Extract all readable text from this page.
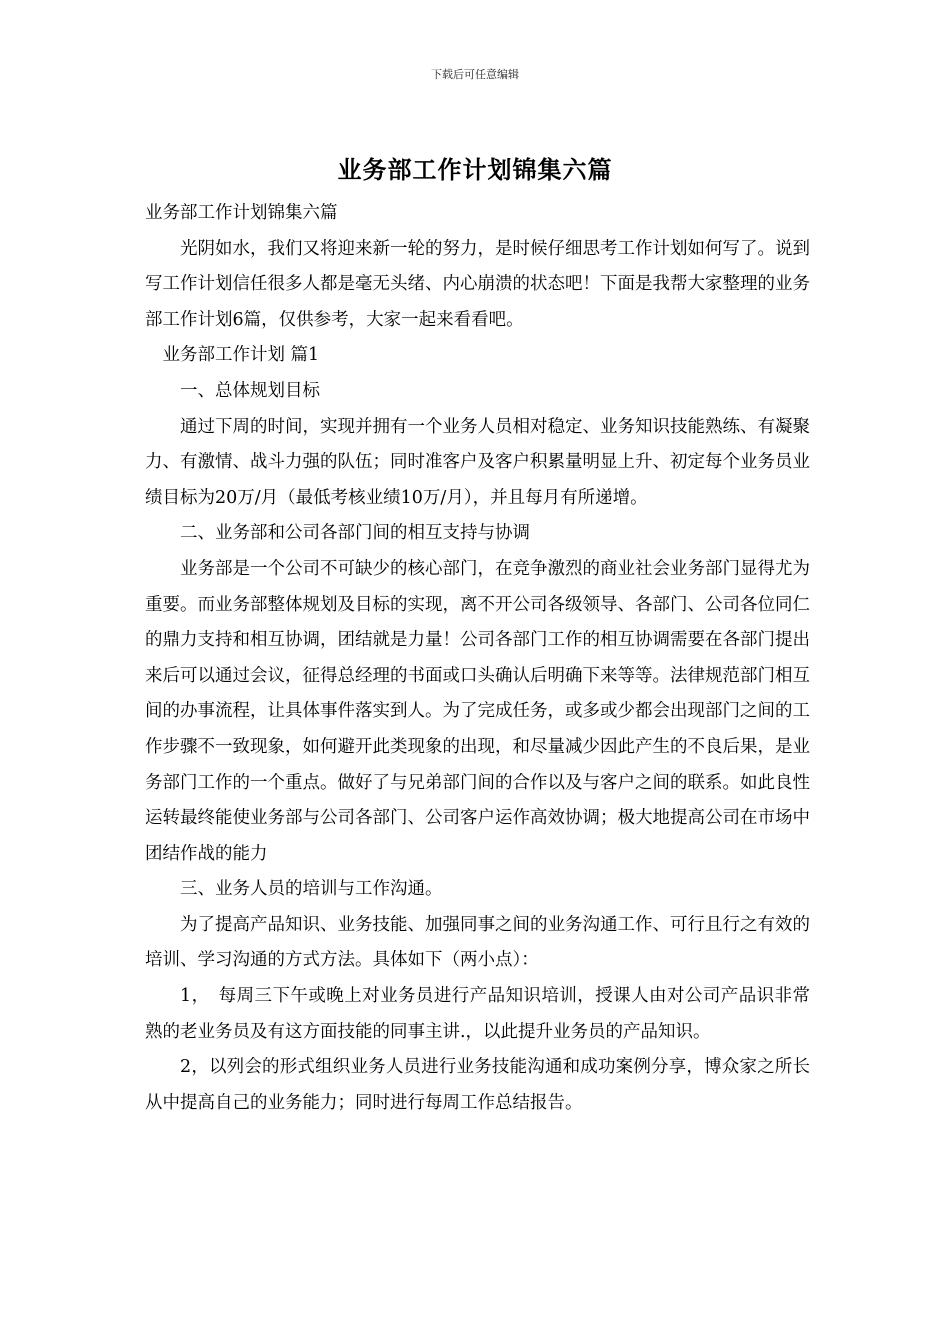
下载后可任意编辑
业务部工作计划锦集六篇

业务部工作计划锦集六篇

光阴如水，我们又将迎来新一轮的努力，是时候仔细思考工作计划如何写了。说到写工作计划信任很多人都是毫无头绪、内心崩溃的状态吧！下面是我帮大家整理的业务部工作计划6篇，仅供参考，大家一起来看看吧。

业务部工作计划 篇1

一、总体规划目标

通过下周的时间，实现并拥有一个业务人员相对稳定、业务知识技能熟练、有凝聚力、有激情、战斗力强的队伍；同时准客户及客户积累量明显上升、初定每个业务员业绩目标为20万/月（最低考核业绩10万/月），并且每月有所递增。

二、业务部和公司各部门间的相互支持与协调

业务部是一个公司不可缺少的核心部门，在竞争激烈的商业社会业务部门显得尤为重要。而业务部整体规划及目标的实现，离不开公司各级领导、各部门、公司各位同仁的鼎力支持和相互协调，团结就是力量！公司各部门工作的相互协调需要在各部门提出来后可以通过会议，征得总经理的书面或口头确认后明确下来等等。法律规范部门相互间的办事流程，让具体事件落实到人。为了完成任务，或多或少都会出现部门之间的工作步骤不一致现象，如何避开此类现象的出现，和尽量减少因此产生的不良后果，是业务部门工作的一个重点。做好了与兄弟部门间的合作以及与客户之间的联系。如此良性运转最终能使业务部与公司各部门、公司客户运作高效协调；极大地提高公司在市场中团结作战的能力

三、业务人员的培训与工作沟通。

为了提高产品知识、业务技能、加强同事之间的业务沟通工作、可行且行之有效的培训、学习沟通的方式方法。具体如下（两小点）：

1，　每周三下午或晚上对业务员进行产品知识培训，授课人由对公司产品识非常熟的老业务员及有这方面技能的同事主讲.，以此提升业务员的产品知识。

2，以列会的形式组织业务人员进行业务技能沟通和成功案例分享，博众家之所长从中提高自己的业务能力；同时进行每周工作总结报告。
